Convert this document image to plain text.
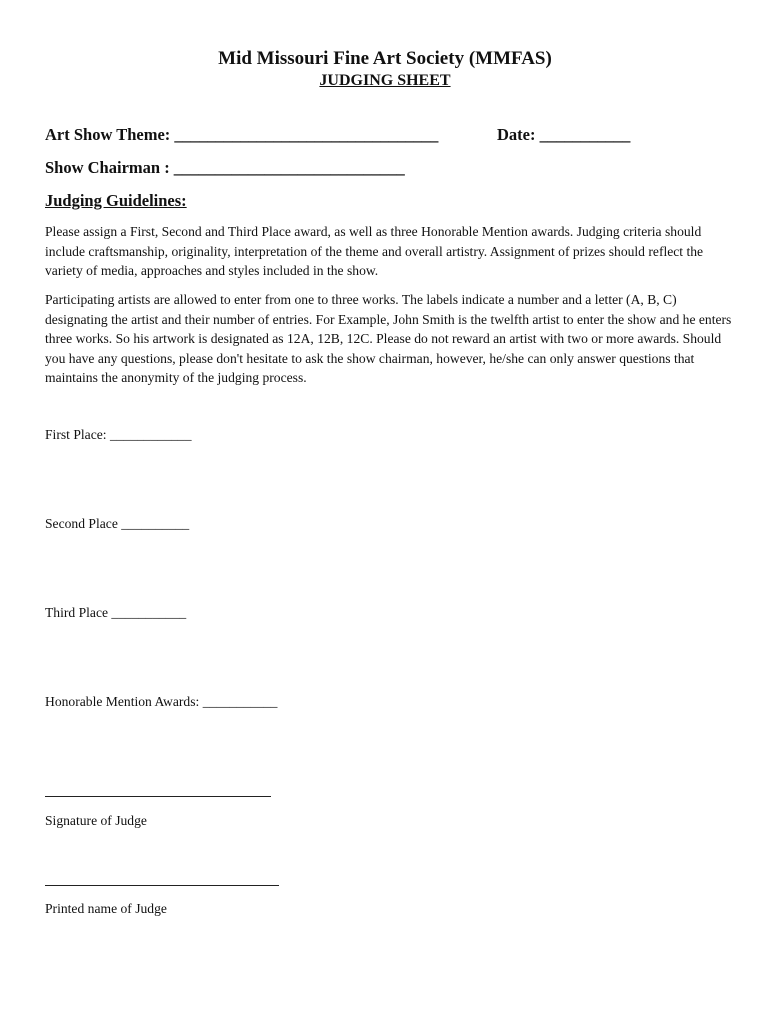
Mid Missouri Fine Art Society (MMFAS)
JUDGING SHEET
Art Show Theme: ________________________________	Date: ___________
Show Chairman : ____________________________
Judging Guidelines:

Please assign a First, Second and Third Place award, as well as three Honorable Mention awards. Judging criteria should include craftsmanship, originality, interpretation of the theme and overall artistry. Assignment of prizes should reflect the variety of media, approaches and styles included in the show.

Participating artists are allowed to enter from one to three works. The labels indicate a number and a letter (A, B, C) designating the artist and their number of entries. For Example, John Smith is the twelfth artist to enter the show and he enters three works. So his artwork is designated as 12A, 12B, 12C. Please do not reward an artist with two or more awards. Should you have any questions, please don't hesitate to ask the show chairman, however, he/she can only answer questions that maintains the anonymity of the judging process.

First Place: ____________
Second Place __________
Third Place ___________
Honorable Mention Awards: ___________
Signature of Judge
Printed name of Judge
